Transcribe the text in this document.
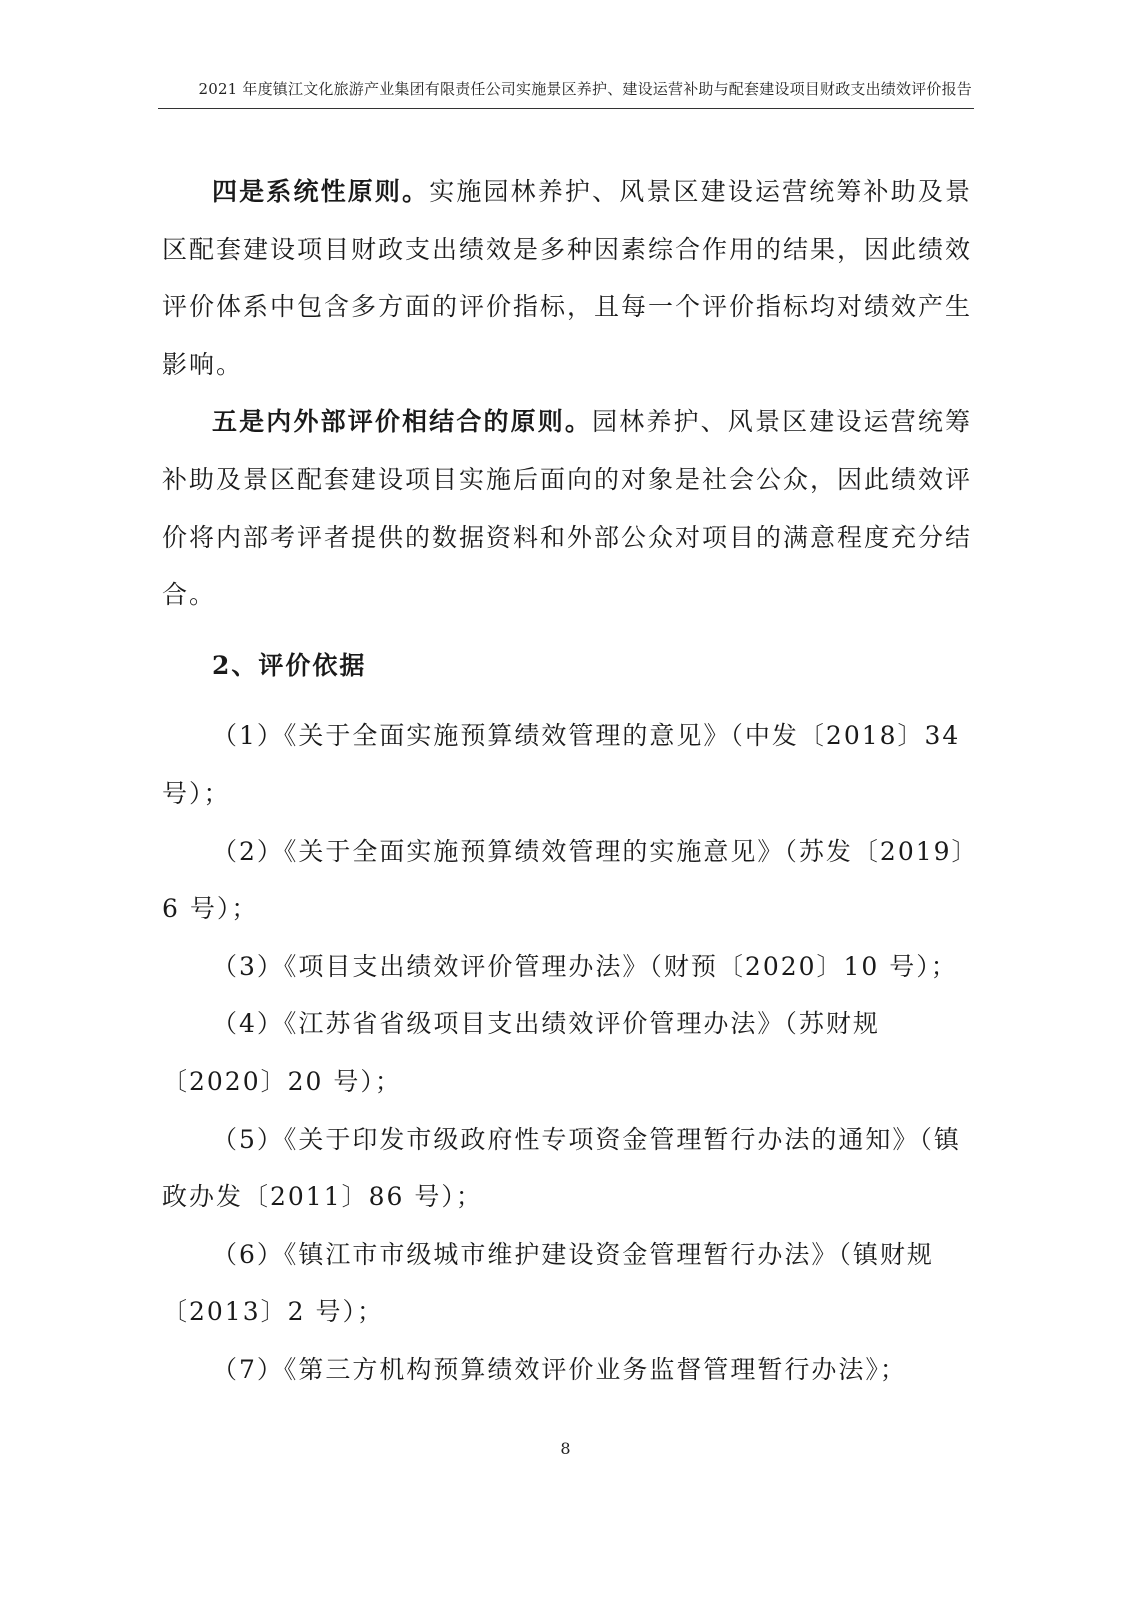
2021 年度镇江文化旅游产业集团有限责任公司实施景区养护、建设运营补助与配套建设项目财政支出绩效评价报告

四是系统性原则。实施园林养护、风景区建设运营统筹补助及景区配套建设项目财政支出绩效是多种因素综合作用的结果，因此绩效评价体系中包含多方面的评价指标，且每一个评价指标均对绩效产生影响。

五是内外部评价相结合的原则。园林养护、风景区建设运营统筹补助及景区配套建设项目实施后面向的对象是社会公众，因此绩效评价将内部考评者提供的数据资料和外部公众对项目的满意程度充分结合。

2、评价依据

（1）《关于全面实施预算绩效管理的意见》（中发〔2018〕34 号）；

（2）《关于全面实施预算绩效管理的实施意见》（苏发〔2019〕6 号）；

（3）《项目支出绩效评价管理办法》（财预〔2020〕10 号）；

（4）《江苏省省级项目支出绩效评价管理办法》（苏财规〔2020〕20 号）；

（5）《关于印发市级政府性专项资金管理暂行办法的通知》（镇政办发〔2011〕86 号）；

（6）《镇江市市级城市维护建设资金管理暂行办法》（镇财规〔2013〕2 号）；

（7）《第三方机构预算绩效评价业务监督管理暂行办法》；

8
